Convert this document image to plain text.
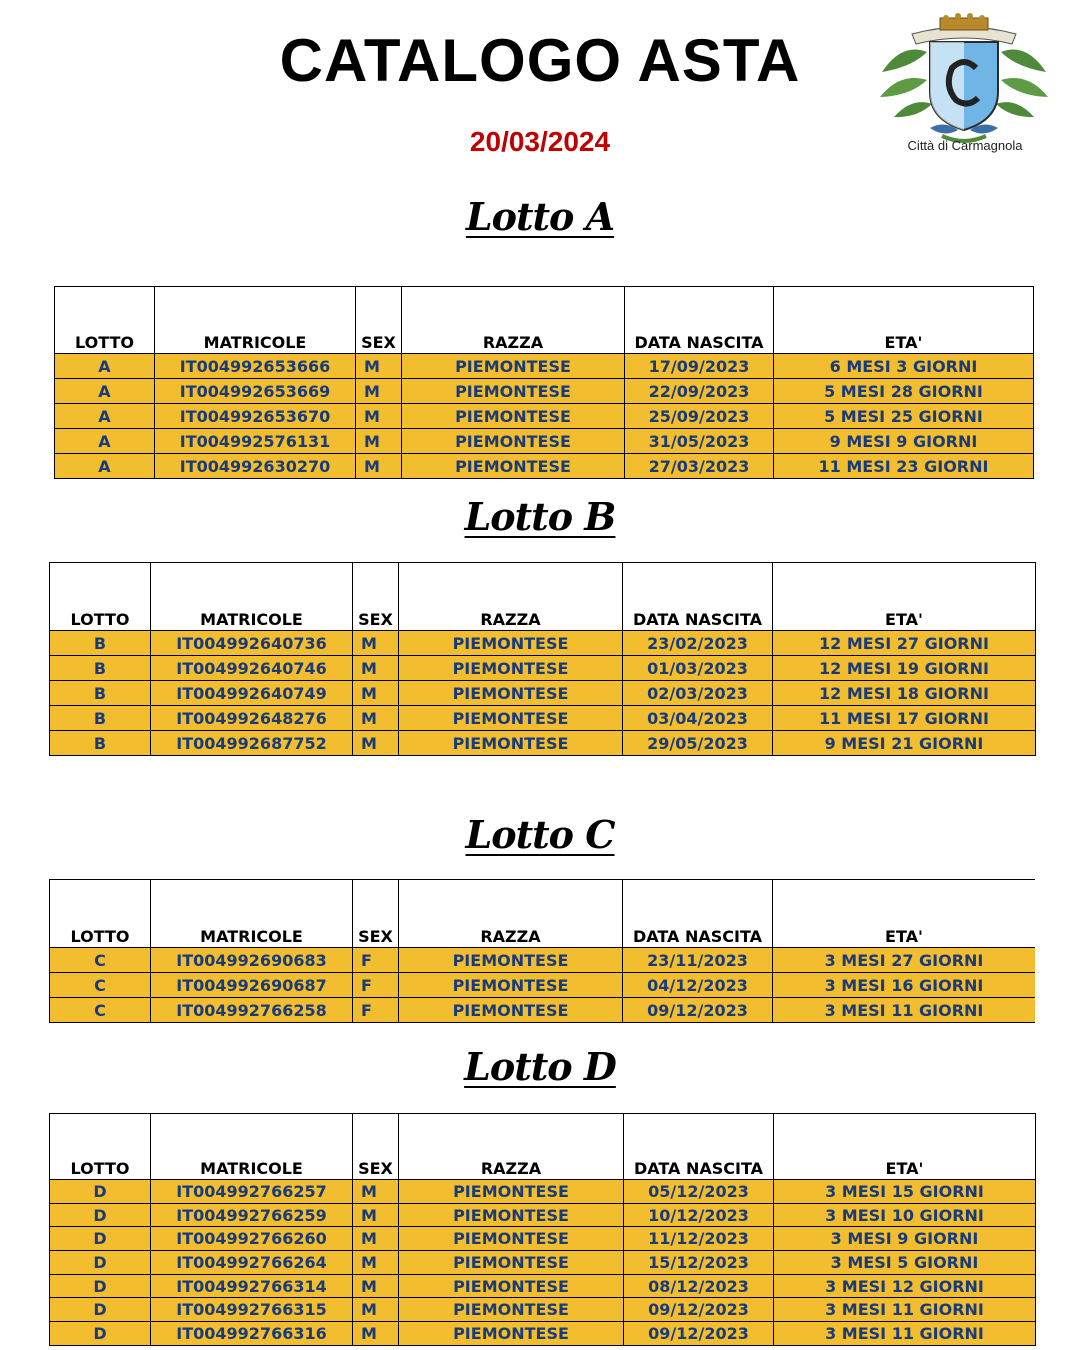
CATALOGO ASTA
20/03/2024	Città di Carmagnola
Lotto A
LOTTO	MATRICOLE	SEX	RAZZA	DATA NASCITA	ETA'
A	IT004992653666	M	PIEMONTESE	17/09/2023	6 MESI 3 GIORNI
A	IT004992653669	M	PIEMONTESE	22/09/2023	5 MESI 28 GIORNI
A	IT004992653670	M	PIEMONTESE	25/09/2023	5 MESI 25 GIORNI
A	IT004992576131	M	PIEMONTESE	31/05/2023	9 MESI 9 GIORNI
A	IT004992630270	M	PIEMONTESE	27/03/2023	11 MESI 23 GIORNI
Lotto B
LOTTO	MATRICOLE	SEX	RAZZA	DATA NASCITA	ETA'
B	IT004992640736	M	PIEMONTESE	23/02/2023	12 MESI 27 GIORNI
B	IT004992640746	M	PIEMONTESE	01/03/2023	12 MESI 19 GIORNI
B	IT004992640749	M	PIEMONTESE	02/03/2023	12 MESI 18 GIORNI
B	IT004992648276	M	PIEMONTESE	03/04/2023	11 MESI 17 GIORNI
B	IT004992687752	M	PIEMONTESE	29/05/2023	9 MESI 21 GIORNI
Lotto C
LOTTO	MATRICOLE	SEX	RAZZA	DATA NASCITA	ETA'
C	IT004992690683	F	PIEMONTESE	23/11/2023	3 MESI 27 GIORNI
C	IT004992690687	F	PIEMONTESE	04/12/2023	3 MESI 16 GIORNI
C	IT004992766258	F	PIEMONTESE	09/12/2023	3 MESI 11 GIORNI
Lotto D
LOTTO	MATRICOLE	SEX	RAZZA	DATA NASCITA	ETA'
D	IT004992766257	M	PIEMONTESE	05/12/2023	3 MESI 15 GIORNI
D	IT004992766259	M	PIEMONTESE	10/12/2023	3 MESI 10 GIORNI
D	IT004992766260	M	PIEMONTESE	11/12/2023	3 MESI 9 GIORNI
D	IT004992766264	M	PIEMONTESE	15/12/2023	3 MESI 5 GIORNI
D	IT004992766314	M	PIEMONTESE	08/12/2023	3 MESI 12 GIORNI
D	IT004992766315	M	PIEMONTESE	09/12/2023	3 MESI 11 GIORNI
D	IT004992766316	M	PIEMONTESE	09/12/2023	3 MESI 11 GIORNI
